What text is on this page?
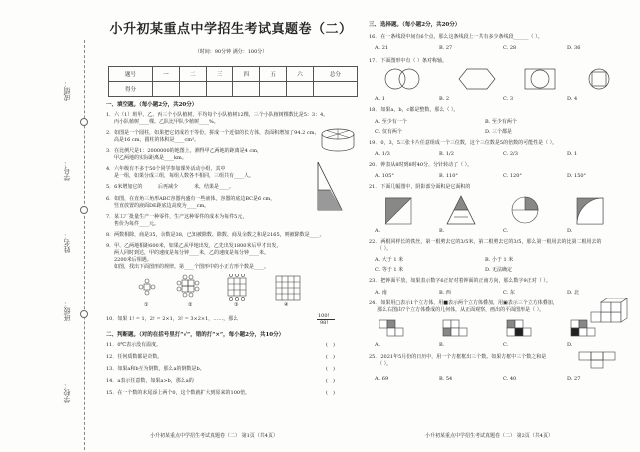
学校：
班级：
姓名：
学号：
成绩：
小升初某重点中学招生考试真题卷（二）
（时间：90分钟 满分：100分）
题号	一	二	三	四	五	六	总分
得分							
一、填空题。（每小题2分，共20分）
1．六（1）班甲、乙、丙三个小队植树，平均每个小队植树12棵，三个小队植树棵数比是5：3：4。
丙小队植树____棵。乙队比甲队少植树____%。
2．如图是一个圆柱，如果把它切成若干等份，拼成一个近似的长方体，表面积增加了94.2 cm，
高是16 cm，圆柱的体积是____cm³。
3．在比例尺是1：2000000的地图上，测得甲乙两地的距离是4 cm，
甲乙两地的实际距离是____km。
4．六年级有不多于50个同学参加课外活动小组，其中
是一组，如果分成三组，每组人数各不相同，三组共有____人。
5．6米增加它的	后再减少	米，结果是____。
6．如图，在直角三角形ABC容器内盛有一些液体，容器的底边BC是6 cm，
竖直放置的液面DE距底边高度为____cm。
7．某工厂批量生产一种零件，生产这种零件的成本为每件5元，
售价为每件____元。
8．两数相除，商是35，余数是38，已知被除数、除数、商及余数之和是2165，则被除数是____。
9．甲、乙两地相距600米，如果乙从甲地出发，乙先出发1800米后甲才出发，
两人同时到达，甲的速度是每分钟____米，乙的速度是每分钟____米。
2200米后相遇。
如图，找出下面图形的规律。第____个图形中的小正方形个数是____。
①	②	③	④
10．如果 1! = 1，2! = 2×1，3! = 3×2×1，……，那么	100!
98!
二、判断题。（对的在括号里打“√”，错的打“×”，每小题2分，共10分）
11．0℃表示没有温度。
12．任何质数都是奇数。
13．如果a和b互为倒数，那么a的倒数是b。
14．a表示任意数，如果a>b，那么a的
15．在一个数的末尾添上两个0，这个数就扩大到原来的100倍。
(　)
(　)
(　)
(　)
(　)
小升初某重点中学招生考试真题卷（二） 第1页（共4页）
三、选择题。（每小题2分，共20分）
16．在一条线段中间有6个点，那么这条线段上一共有多少条线段______（ ）。
A. 21	B. 27	C. 28	D. 36
17．下面图形中有（ ）条对称轴。
A. 1	B. 2	C. 3	D. 4
18．如果a，b，c都是整数，那么（ ）。
A. 至少有一个	B. 至少有两个
C. 仅有两个	D. 三个都是
19．0，3，5三张卡片任意组成一个三位数，这个三位数是5的倍数的可能性是（ ）。
A. 1/3	B. 1/2	C. 2/3	D. 1
20．钟表从8时到8时40分，分针转动了（ ）。
A. 105°	B. 110°	C. 120°	D. 150°
21．下面几幅图中，阴影部分面积是它面积的
A.	B.	C.	D.
22．两根同样长的铁丝，第一根剪去它的3/5米，第二根剪去它的3/5，那么第一根用去的比第二根用去的
（ ）。
A. 大于 1 米	B. 小于 1 米
C. 等于 1 米	D. 无法确定
23．把钟面平放，如果表示数字6正好对着钟面的正南方向，那么数字9正对（ ）。
A. 南	B. 西	C. 东	D. 北
24．如果用□表示1个立方体，用■表示两个立方体叠加，用▣表示三个立方体叠加，
那么右图由7个立方体叠成的几何体，从正面观察，画出的平面图形是（ ）。
A.	B.	C.	D.
25．2021年5月份的日历中，用一个方框框出三个数。如果方框中三个数之和是
（ ）。
A. 69	B. 54	C. 40	D. 27
小升初某重点中学招生考试真题卷（二） 第2页（共4页）
